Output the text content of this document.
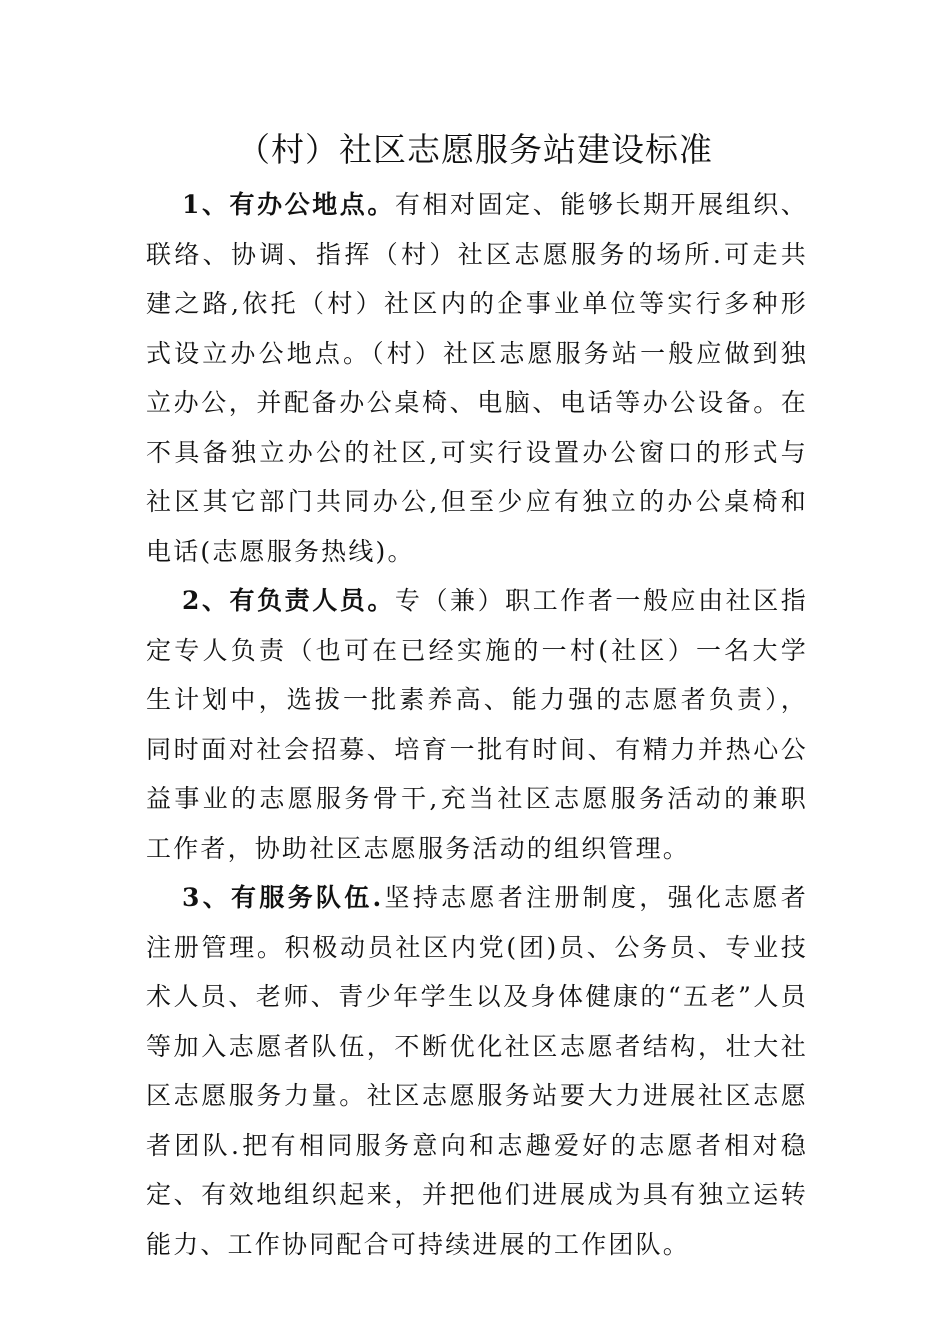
（村）社区志愿服务站建设标准

1、有办公地点。有相对固定、能够长期开展组织、联络、协调、指挥（村）社区志愿服务的场所.可走共建之路,依托（村）社区内的企事业单位等实行多种形式设立办公地点。（村）社区志愿服务站一般应做到独立办公，并配备办公桌椅、电脑、电话等办公设备。在不具备独立办公的社区,可实行设置办公窗口的形式与社区其它部门共同办公,但至少应有独立的办公桌椅和电话(志愿服务热线)。

2、有负责人员。专（兼）职工作者一般应由社区指定专人负责（也可在已经实施的一村(社区）一名大学生计划中，选拔一批素养高、能力强的志愿者负责），同时面对社会招募、培育一批有时间、有精力并热心公益事业的志愿服务骨干,充当社区志愿服务活动的兼职工作者，协助社区志愿服务活动的组织管理。

3、有服务队伍.坚持志愿者注册制度，强化志愿者注册管理。积极动员社区内党(团)员、公务员、专业技术人员、老师、青少年学生以及身体健康的“五老”人员等加入志愿者队伍，不断优化社区志愿者结构，壮大社区志愿服务力量。社区志愿服务站要大力进展社区志愿者团队.把有相同服务意向和志趣爱好的志愿者相对稳定、有效地组织起来，并把他们进展成为具有独立运转能力、工作协同配合可持续进展的工作团队。
